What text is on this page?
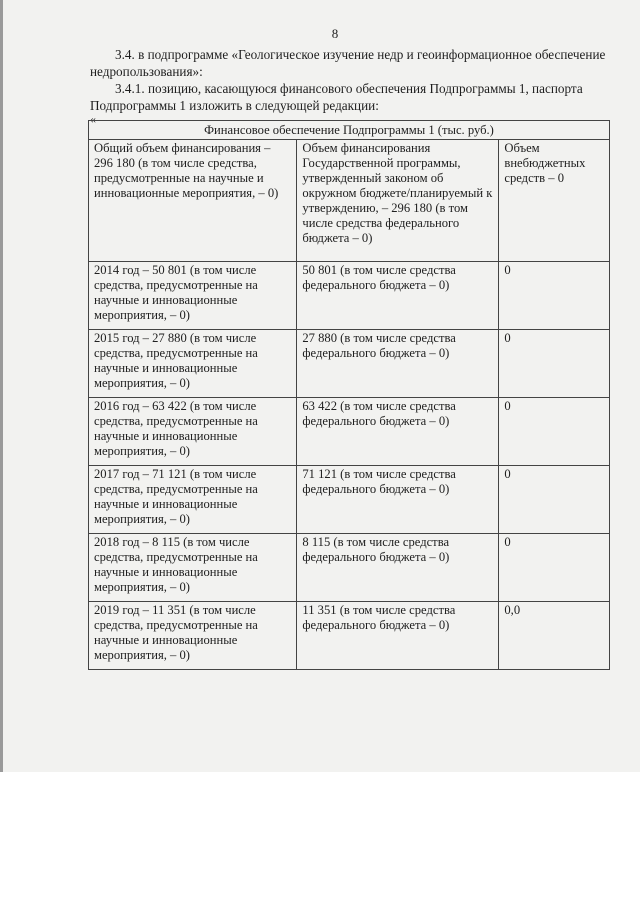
8
3.4. в подпрограмме «Геологическое изучение недр и геоинформационное обеспечение недропользования»:
3.4.1. позицию, касающуюся финансового обеспечения Подпрограммы 1, паспорта Подпрограммы 1 изложить в следующей редакции:
«
Финансовое обеспечение Подпрограммы 1 (тыс. руб.)		
Общий объем финансирования – 296 180 (в том числе средства, предусмотренные на научные и инновационные мероприятия, – 0)	Объем финансирования Государственной программы, утвержденный законом об окружном бюджете/планируемый к утверждению, – 296 180 (в том числе средства федерального бюджета – 0)	Объем внебюджетных средств – 0
2014 год – 50 801 (в том числе средства, предусмотренные на научные и инновационные мероприятия, – 0)	50 801 (в том числе средства федерального бюджета – 0)	0
2015 год – 27 880 (в том числе средства, предусмотренные на научные и инновационные мероприятия, – 0)	27 880 (в том числе средства федерального бюджета – 0)	0
2016 год – 63 422 (в том числе средства, предусмотренные на научные и инновационные мероприятия, – 0)	63 422 (в том числе средства федерального бюджета – 0)	0
2017 год – 71 121 (в том числе средства, предусмотренные на научные и инновационные мероприятия, – 0)	71 121 (в том числе средства федерального бюджета – 0)	0
2018 год – 8 115 (в том числе средства, предусмотренные на научные и инновационные мероприятия, – 0)	8 115 (в том числе средства федерального бюджета – 0)	0
2019 год – 11 351 (в том числе средства, предусмотренные на научные и инновационные мероприятия, – 0)	11 351 (в том числе средства федерального бюджета – 0)	0,0
